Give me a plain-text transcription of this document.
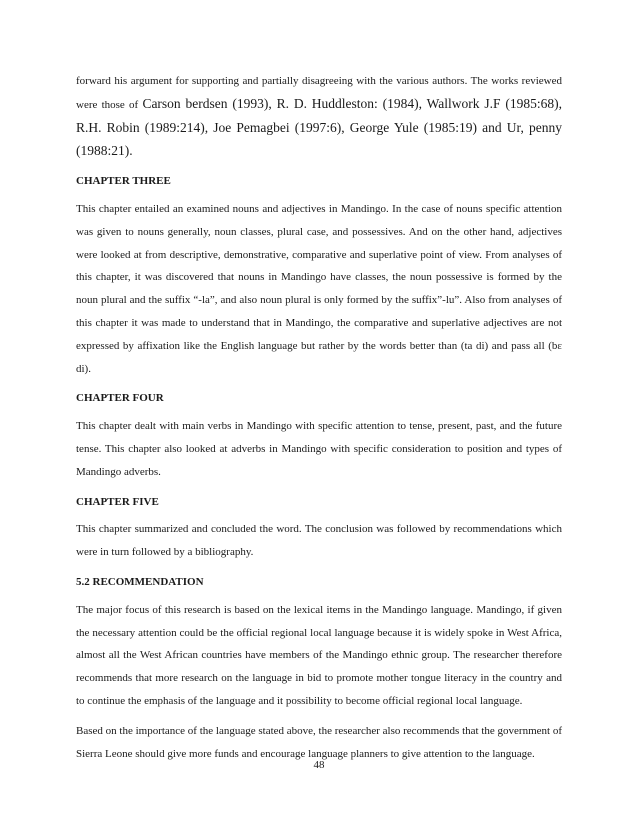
forward his argument for supporting and partially disagreeing with the various authors. The works reviewed were those of Carson berdsen (1993), R. D. Huddleston: (1984), Wallwork J.F (1985:68), R.H. Robin (1989:214), Joe Pemagbei (1997:6), George Yule (1985:19) and Ur, penny (1988:21).

CHAPTER THREE

This chapter entailed an examined nouns and adjectives in Mandingo. In the case of nouns specific attention was given to nouns generally, noun classes, plural case, and possessives. And on the other hand, adjectives were looked at from descriptive, demonstrative, comparative and superlative point of view. From analyses of this chapter, it was discovered that nouns in Mandingo have classes, the noun possessive is formed by the noun plural and the suffix “-la”, and also noun plural is only formed by the suffix”-lu”. Also from analyses of this chapter it was made to understand that in Mandingo, the comparative and superlative adjectives are not expressed by affixation like the English language but rather by the words better than (ta di) and pass all (bɛ di).

CHAPTER FOUR

This chapter dealt with main verbs in Mandingo with specific attention to tense, present, past, and the future tense. This chapter also looked at adverbs in Mandingo with specific consideration to position and types of Mandingo adverbs.

CHAPTER FIVE

This chapter summarized and concluded the word. The conclusion was followed by recommendations which were in turn followed by a bibliography.

5.2 RECOMMENDATION

The major focus of this research is based on the lexical items in the Mandingo language. Mandingo, if given the necessary attention could be the official regional local language because it is widely spoke in West Africa, almost all the West African countries have members of the Mandingo ethnic group. The researcher therefore recommends that more research on the language in bid to promote mother tongue literacy in the country and to continue the emphasis of the language and it possibility to become official regional local language.

Based on the importance of the language stated above, the researcher also recommends that the government of Sierra Leone should give more funds and encourage language planners to give attention to the language.

48
